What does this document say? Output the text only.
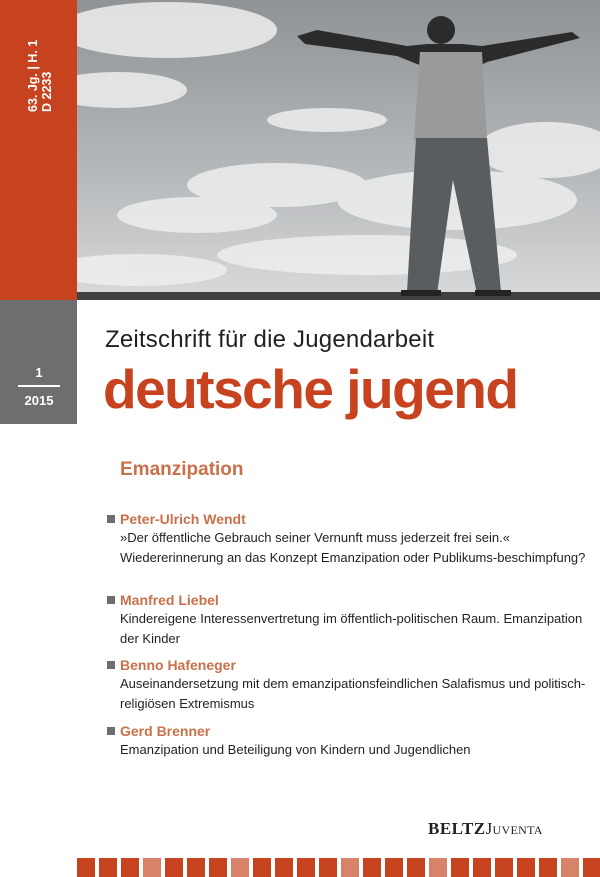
63. Jg. | H. 1 D 2233
1
2015
Zeitschrift für die Jugendarbeit
deutsche jugend
Emanzipation
Peter-Ulrich Wendt
»Der öffentliche Gebrauch seiner Vernunft muss jederzeit frei sein.« Wiedererinnerung an das Konzept Emanzipation oder Publikums-beschimpfung?
Manfred Liebel
Kindereigene Interessenvertretung im öffentlich-politischen Raum. Emanzipation der Kinder
Benno Hafeneger
Auseinandersetzung mit dem emanzipationsfeindlichen Salafismus und politisch-religiösen Extremismus
Gerd Brenner
Emanzipation und Beteiligung von Kindern und Jugendlichen
BELTZJuventa
